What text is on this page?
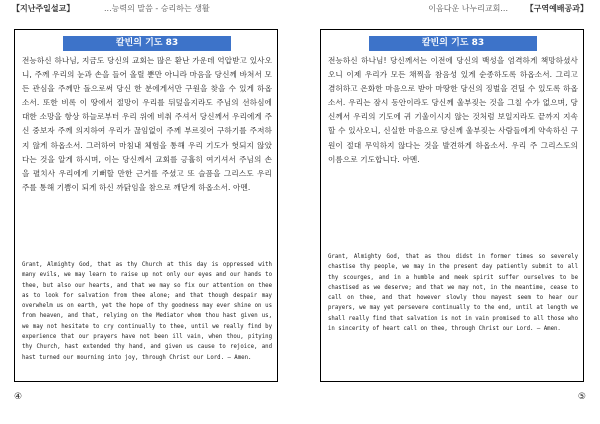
【지난주일설교】	...능력의 말씀 - 승리하는 생활	이음다운 나누리교회... 【구역예배공과】
칼빈의 기도 83
전능하신 하나님, 지금도 당신의 교회는 많은 환난 가운데 억압받고 있사오니, 주께 우리의 눈과 손을 들어 올릴 뿐만 아니라 마음을 당신께 바쳐서 모든 관심을 주께만 돌으로써 당신 한 분에게서만 구원을 찾을 수 있게 하옵소서. 또한 비록 이 땅에서 절망이 우리를 뒤덮을지라도 주님의 선하심에 대한 소망을 항상 하늘로부터 우리 위에 비춰 주셔서 당신께서 우리에게 주신 중보자 주께 의지하여 우리가 끊임없이 주께 부르짖어 구하기를 주저하지 않게 하옵소서. 그러하여 마침내 체험을 통해 우리 기도가 헛되지 않았다는 것을 알게 하시며, 이는 당신께서 교회를 긍휼히 여기셔서 주님의 손을 펼치사 우리에게 기뻐할 만한 근거를 주셨고 또 슬픔을 그리스도 우리 주를 통해 기쁨이 되게 하신 까닭임을 참으로 깨닫게 하옵소서. 아멘.
Grant, Almighty God, that as thy Church at this day is oppressed with many evils, we may learn to raise up not only our eyes and our hands to thee, but also our hearts, and that we may so fix our attention on thee as to look for salvation from thee alone; and that though despair may overwhelm us on earth, yet the hope of thy goodness may ever shine on us from heaven, and that, relying on the Mediator whom thou hast given us, we may not hesitate to cry continually to thee, until we really find by experience that our prayers have not been ill vain, when thou, pitying thy Church, hast extended thy hand, and given us cause to rejoice, and hast turned our mourning into joy, through Christ our Lord. — Amen.
칼빈의 기도 83
전능하신 하나님! 당신께서는 이전에 당신의 백성을 엄격하게 책망하셨사오니 이제 우리가 모든 채찍을 참음성 있게 순종하도록 하옵소서. 그리고 겸허하고 온화한 마음으로 받아 마땅한 당신의 징벌을 견딜 수 있도록 하옵소서. 우리는 잠시 동안이라도 당신께 울부짖는 것을 그칠 수가 없으며, 당신께서 우리의 기도에 귀 기울이시지 않는 것처럼 보일지라도 끝까지 지속할 수 있사오니, 신실한 마음으로 당신께 울부짖는 사람들에게 약속하신 구원이 절대 무익하지 않다는 것을 발견하게 하옵소서. 우리 주 그리스도의 이름으로 기도합니다. 아멘.
Grant, Almighty God, that as thou didst in former times so severely chastise thy people, we may in the present day patiently submit to all thy scourges, and in a humble and meek spirit suffer ourselves to be chastised as we deserve; and that we may not, in the meantime, cease to call on thee, and that however slowly thou mayest seem to hear our prayers, we may yet persevere continually to the end, until at length we shall really find that salvation is not in vain promised to all those who in sincerity of heart call on thee, through Christ our Lord. — Amen.
④	⑤
